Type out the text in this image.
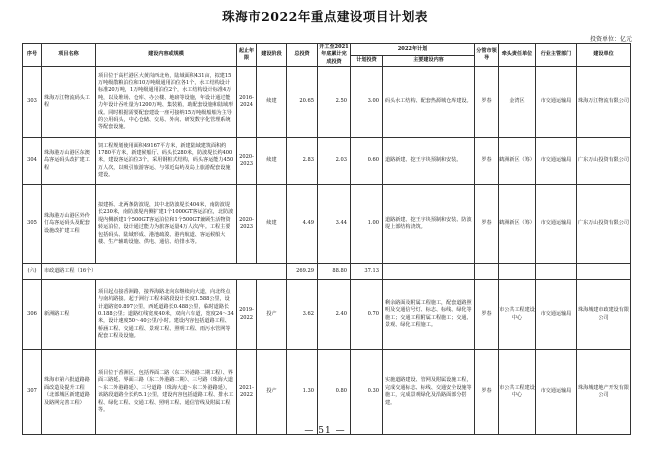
珠海市2022年重点建设项目计划表
投资单位：亿元
序号	项目名称	建设内容或规模	起止年限	建设阶段	总投资	开工至2021年底累计完成投资	2022年计划		分管市领导	牵头责任单位	行业主管部门	建设单位
							计划投资	主要建设内容				
303	珠海万江物流码头工程	项目位于高栏港区大黄岗西北角，陆域面积431亩，拟建15万吨级散粮泊位和10万吨级通用泊位各1个，水工结构设计标准20万吨，1万吨级通用泊位2个，水工结构设计标准4万吨，以及堆场、仓库、办公楼、地磅等设施，年设计通过能力年设计吞吐量为1200万吨、集装箱，助配套设施和陆域形成。同时根据需要配套建设一座可接纳15万吨级船舶为主导的公用码头，中心仓储、交易、外向、研发数字化管理系统等配套设施。	2016-2024	续建	20.65	2.50	3.00	码头水工结构、配套热源城仓库建设。	罗春	金湾区	市交通运输局	珠海万江物流有限公司
304	珠海港万山港区东澳岛客运码头改扩建工程	饲工程规划使用面积49167平方米，新建陆域建筑面积约1780平方米，新建候船厅、码头长280米，防波堤长约400米，建设客运泊位3个，采用钢桩式结构，码头客运能力450万人次，以吸引旅游客运、与邻近岛屿及岛上旅游配套设施建设。	2020-2023	续建	2.83	2.03	0.60	道路新建、挖王字块预制和安装。	罗春	鹤洲新区（筹）	市交通运输局	广东万山投资有限公司
305	珠海港万山港区外伶仃岛客运码头及配套设施改扩建工程	拟建拆、北两条防波堤，其中北防波堤长404米，南防波堤长230米，南防波堤内侧扩建1个1000GT客运泊位，北防波堤内侧新建1个500GT客运泊位和1个500GT兼顾生活物资转运泊位，设计通过能力为旅客运量4万人次/年。工程主要包括码头、陆域形成、港池疏浚、港内航道、客运候船大楼、生产辅助设施、供电、通信、给排水等。	2020-2023	续建	4.49	3.44	1.00	道路新建、挖王字块预制和安装、防波堤上部结构浇筑。	罗春	鹤洲新区（筹）	市交通运输局	广东万山投资有限公司
(六)	市政道路工程（16个）				269.29	88.80	37.13					
306	新洲路工程	项目起点接香洲路，接界海路北向东继续向大道，向北终点与南坑路接。起于洲行工程本路段设计长度1.588公里，设计道路宽0.897公里，西延道路长0.488公里，临时道路长0.188公里；道路红线宽度40米，双向六车道，宽度24～34米，设计速度50～40公里/小时。建设内容包括道路工程、桥涵工程、交通工程、景观工程、照明工程、雨污水管网等配套工程及设施。	2019-2022	投产	3.62	2.40	0.70	剩余路面及附属工程施工，配套道路照明及交通信号灯、标志、标线、绿化等施工；交通工程附属工程施工；交通、景观、绿化工程施工。	罗春	市公共工程建设中心	市交通运输局	珠海城建市政建设有限公司
307	珠海市第六批道路路面改造及提升工程（北部城区新建道路及路网完善工程）	项目位于香洲区，包括界面二路（东二外港路二期工程）、界面三路延、界面三路（东二外港路二期）、三号路（珠海大道～东二外港路延）、三号道路（珠海大道～东二外港路延）。该路段道路全长约5.1公里，建设内容包括道路工程、排水工程、绿化工程、交通工程、照明工程、通信管线及附属工程等。	2021-2022	投产	1.30	0.80	0.30	实施道路建设、管网及附属设施工程，完成交通标志、标线、交通安全设施等施工，完成景观绿化及沿路面部分搭建。	罗春	市公共工程建设中心	市交通运输局	珠海城建地产开发有限公司
— 51 —
